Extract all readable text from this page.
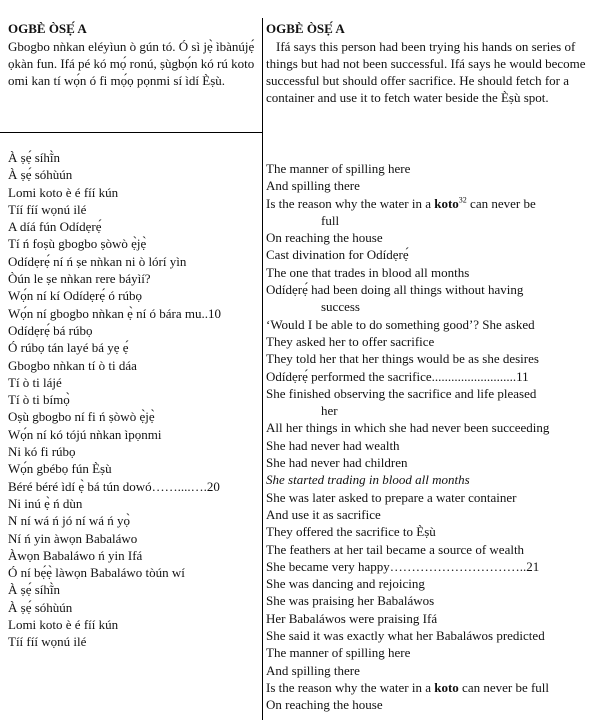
OGBÈ ÒSẸ́ A
Gbogbo nǹkan eléyìun ò gún tó. Ó sì jẹ̀ ìbànújẹ́ ọkàn fun. Ifá pé kó mọ́ ronú, ṣùgbọ́n kó rú koto omi kan tí wọ́n ó fi mọ́ọ pọnmi sí ìdí Èṣù.
OGBÈ ÒSẸ́ A
Ifá says this person had been trying his hands on series of things but had not been successful. Ifá says he would become successful but should offer sacrifice. He should fetch for a container and use it to fetch water beside the Èṣù spot.
À ṣẹ́ síhĩ̀n
À ṣẹ́ sóhùún
Lomi koto è é fíí kún
Tíí fíí wọnú ilé
A díá fún Odídẹrẹ́
Tí ń foṣù gbogbo ṣòwò ẹ̀jẹ̀
Odídẹrẹ́ ní ń ṣe nǹkan ni ò lórí yìn
Òún le ṣe nǹkan rere báyìí?
Wọ́n ní kí Odídẹrẹ́ ó rúbọ
Wọ́n ní gbogbo nǹkan ẹ̀ ní ó bára mu..10
Odídẹrẹ́ bá rúbọ
Ó rúbọ tán layé bá yẹ ẹ́
Gbogbo nǹkan tí ò ti dáa
Tí ò ti lájé
Tí ò ti bímọ̀
Oṣù gbogbo ní fi ń ṣòwò ẹ̀jẹ̀
Wọ́n ní kó tójú nǹkan ìpọnmi
Ni kó fi rúbọ
Wọ́n gbébọ fún Èṣù
Béré béré ìdí ẹ̀ bá tún dowó……....….20
Ni inú ẹ̀ ń dùn
N ní wá ń jó ní wá ń yọ̀
Ní ń yin àwọn Babaláwo
Àwọn Babaláwo ń yin Ifá
Ó ní bẹ́ẹ̀ làwọn Babaláwo tòún wí
À ṣẹ́ síhĩ̀n
À ṣẹ́ sóhùún
Lomi koto è é fíí kún
Tíí fíí wọnú ilé
The manner of spilling here
And spilling there
Is the reason why the water in a koto$^{32}$ can never be
full
On reaching the house
Cast divination for Odídẹrẹ́
The one that trades in blood all months
Odídẹrẹ́ had been doing all things without having
success
‘Would I be able to do something good’? She asked
They asked her to offer sacrifice
They told her that her things would be as she desires
Odídẹrẹ́ performed the sacrifice..........................11
She finished observing the sacrifice and life pleased
her
All her things in which she had never been succeeding
She had never had wealth
She had never had children
She started trading in blood all months
She was later asked to prepare a water container
And use it as sacrifice
They offered the sacrifice to Èṣù
The feathers at her tail became a source of wealth
She became very happy…………………………..21
She was dancing and rejoicing
She was praising her Babaláwos
Her Babaláwos were praising Ifá
She said it was exactly what her Babaláwos predicted
The manner of spilling here
And spilling there
Is the reason why the water in a koto can never be full
On reaching the house
